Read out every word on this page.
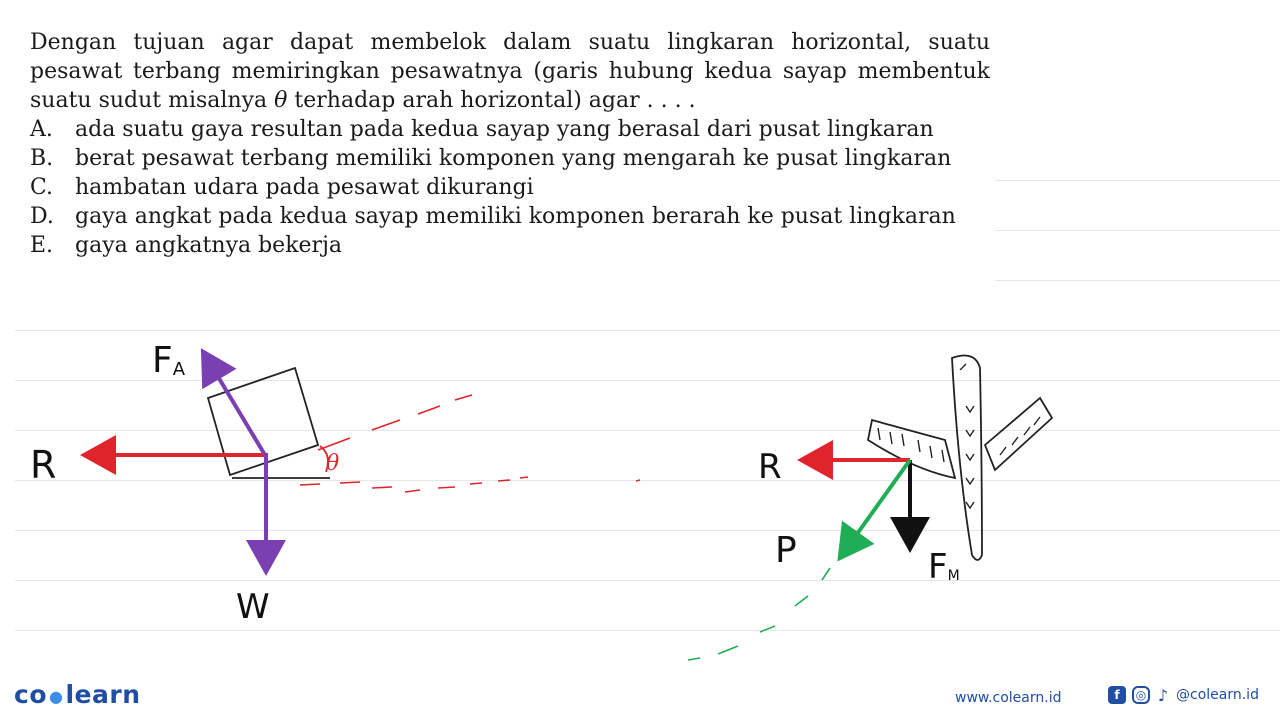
Dengan tujuan agar dapat membelok dalam suatu lingkaran horizontal, suatu pesawat terbang memiringkan pesawatnya (garis hubung kedua sayap membentuk suatu sudut misalnya θ terhadap arah horizontal) agar . . . .

A.	ada suatu gaya resultan pada kedua sayap yang berasal dari pusat lingkaran
B. berat pesawat terbang memiliki komponen yang mengarah ke pusat lingkaran
C. hambatan udara pada pesawat dikurangi
D. gaya angkat pada kedua sayap memiliki komponen berarah ke pusat lingkaran
E. gaya angkatnya bekerja
FA
R
W
θ	R
P	FM
co ●learn	www.colearn.id	f	◎ ♪ @colearn.id
